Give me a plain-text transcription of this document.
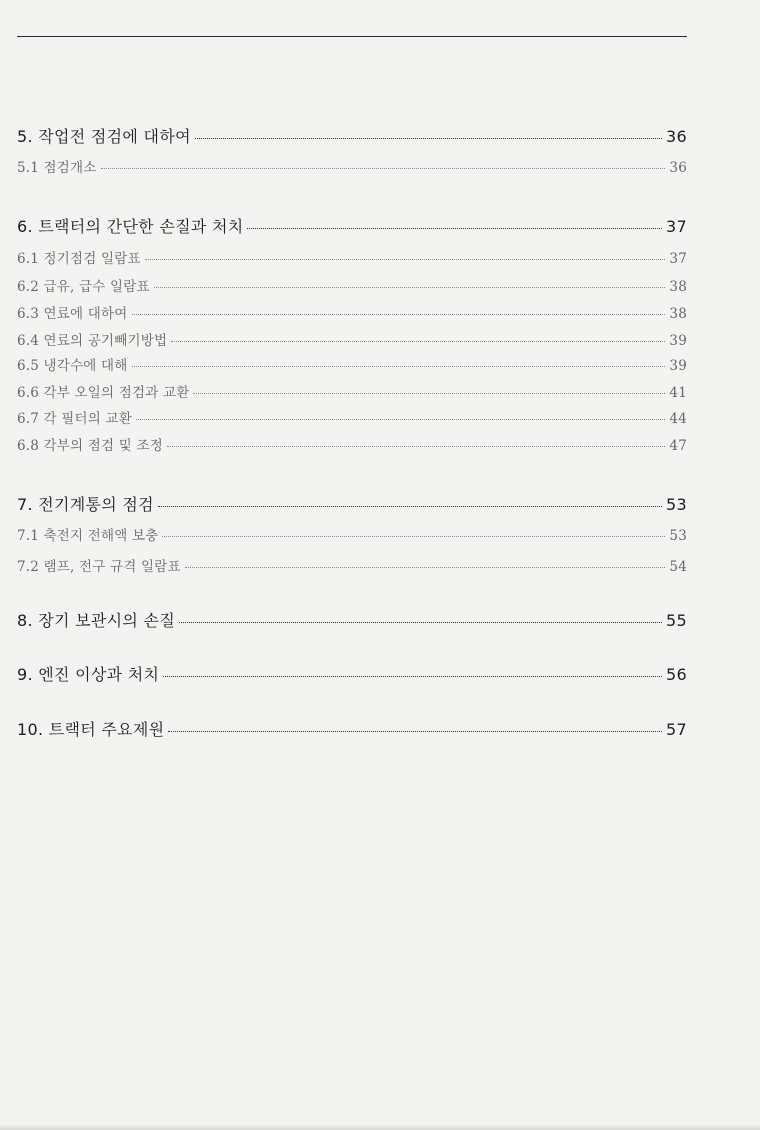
5. 작업전 점검에 대하여	36
5.1 점검개소	36
6. 트랙터의 간단한 손질과 처치	37
6.1 정기점검 일람표	37
6.2 급유, 급수 일람표	38
6.3 연료에 대하여	38
6.4 연료의 공기빼기방법	39
6.5 냉각수에 대해	39
6.6 각부 오일의 점검과 교환	41
6.7 각 필터의 교환	44
6.8 각부의 점검 및 조정	47
7. 전기계통의 점검	53
7.1 축전지 전해액 보충	53
7.2 램프, 전구 규격 일람표	54
8. 장기 보관시의 손질	55
9. 엔진 이상과 처치	56
10. 트랙터 주요제원	57
